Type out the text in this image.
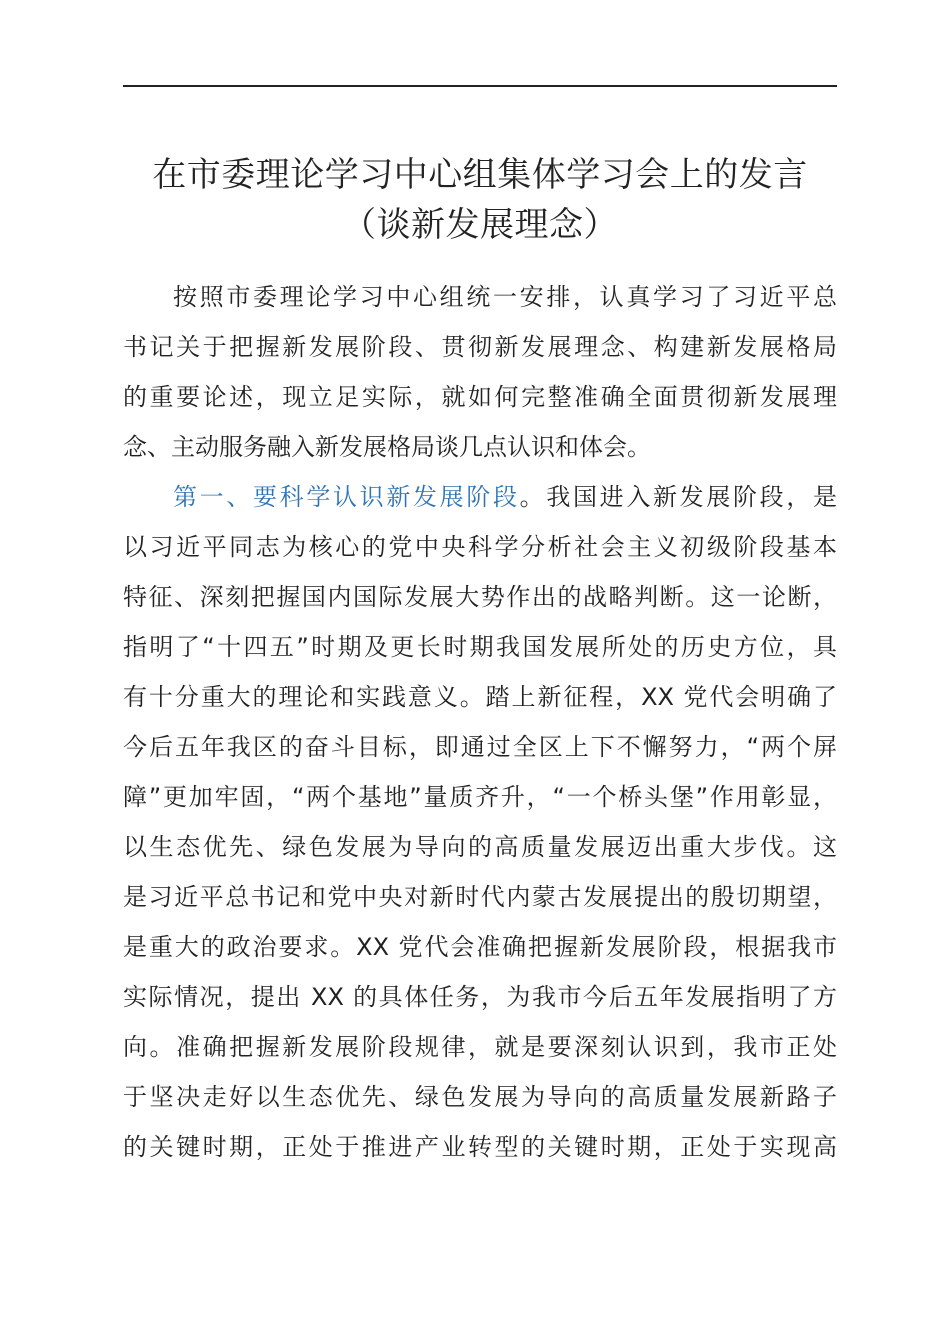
在市委理论学习中心组集体学习会上的发言
（谈新发展理念）
按照市委理论学习中心组统一安排，认真学习了习近平总
书记关于把握新发展阶段、贯彻新发展理念、构建新发展格局
的重要论述，现立足实际，就如何完整准确全面贯彻新发展理
念、主动服务融入新发展格局谈几点认识和体会。
第一、要科学认识新发展阶段。我国进入新发展阶段，是
以习近平同志为核心的党中央科学分析社会主义初级阶段基本
特征、深刻把握国内国际发展大势作出的战略判断。这一论断，
指明了“十四五”时期及更长时期我国发展所处的历史方位，具
有十分重大的理论和实践意义。踏上新征程，XX 党代会明确了
今后五年我区的奋斗目标，即通过全区上下不懈努力，“两个屏
障”更加牢固，“两个基地”量质齐升，“一个桥头堡”作用彰显，
以生态优先、绿色发展为导向的高质量发展迈出重大步伐。这
是习近平总书记和党中央对新时代内蒙古发展提出的殷切期望，
是重大的政治要求。XX 党代会准确把握新发展阶段，根据我市
实际情况，提出 XX 的具体任务，为我市今后五年发展指明了方
向。准确把握新发展阶段规律，就是要深刻认识到，我市正处
于坚决走好以生态优先、绿色发展为导向的高质量发展新路子
的关键时期，正处于推进产业转型的关键时期，正处于实现高
